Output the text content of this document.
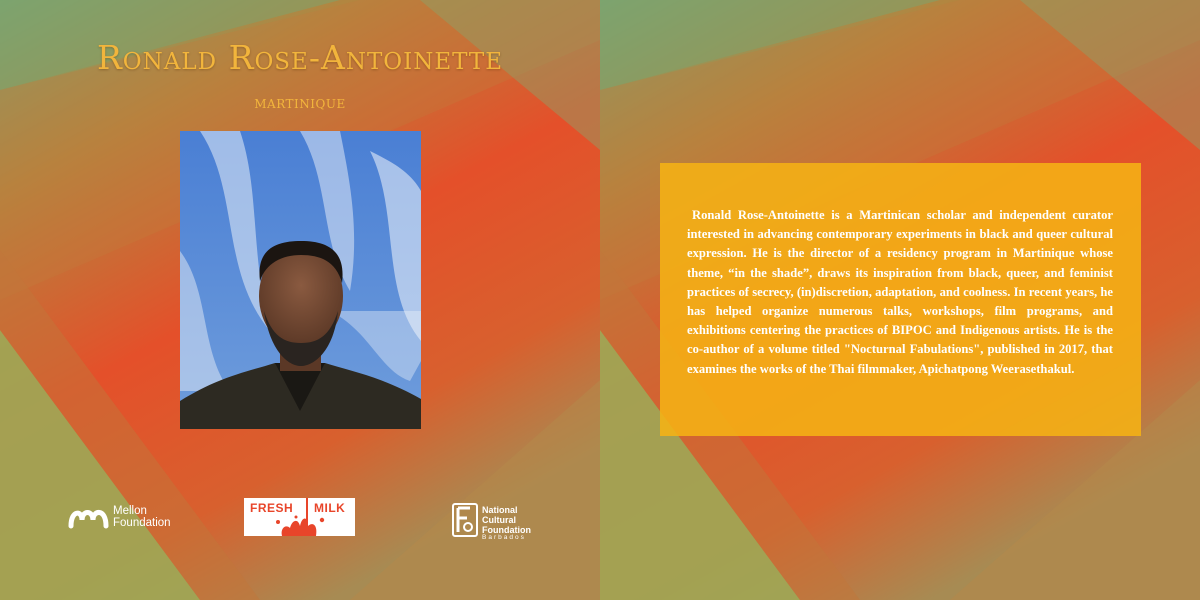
Ronald Rose-Antoinette
MARTINIQUE
Mellon
Foundation
FRESH MILK	National
Cultural
Foundation
Barbados

Ronald Rose-Antoinette is a Martinican scholar and independent curator interested in advancing contemporary experiments in black and queer cultural expression. He is the director of a residency program in Martinique whose theme, “in the shade”, draws its inspiration from black, queer, and feminist practices of secrecy, (in)discretion, adaptation, and coolness. In recent years, he has helped organize numerous talks, workshops, film programs, and exhibitions centering the practices of BIPOC and Indigenous artists. He is the co-author of a volume titled "Nocturnal Fabulations", published in 2017, that examines the works of the Thai filmmaker, Apichatpong Weerasethakul.
